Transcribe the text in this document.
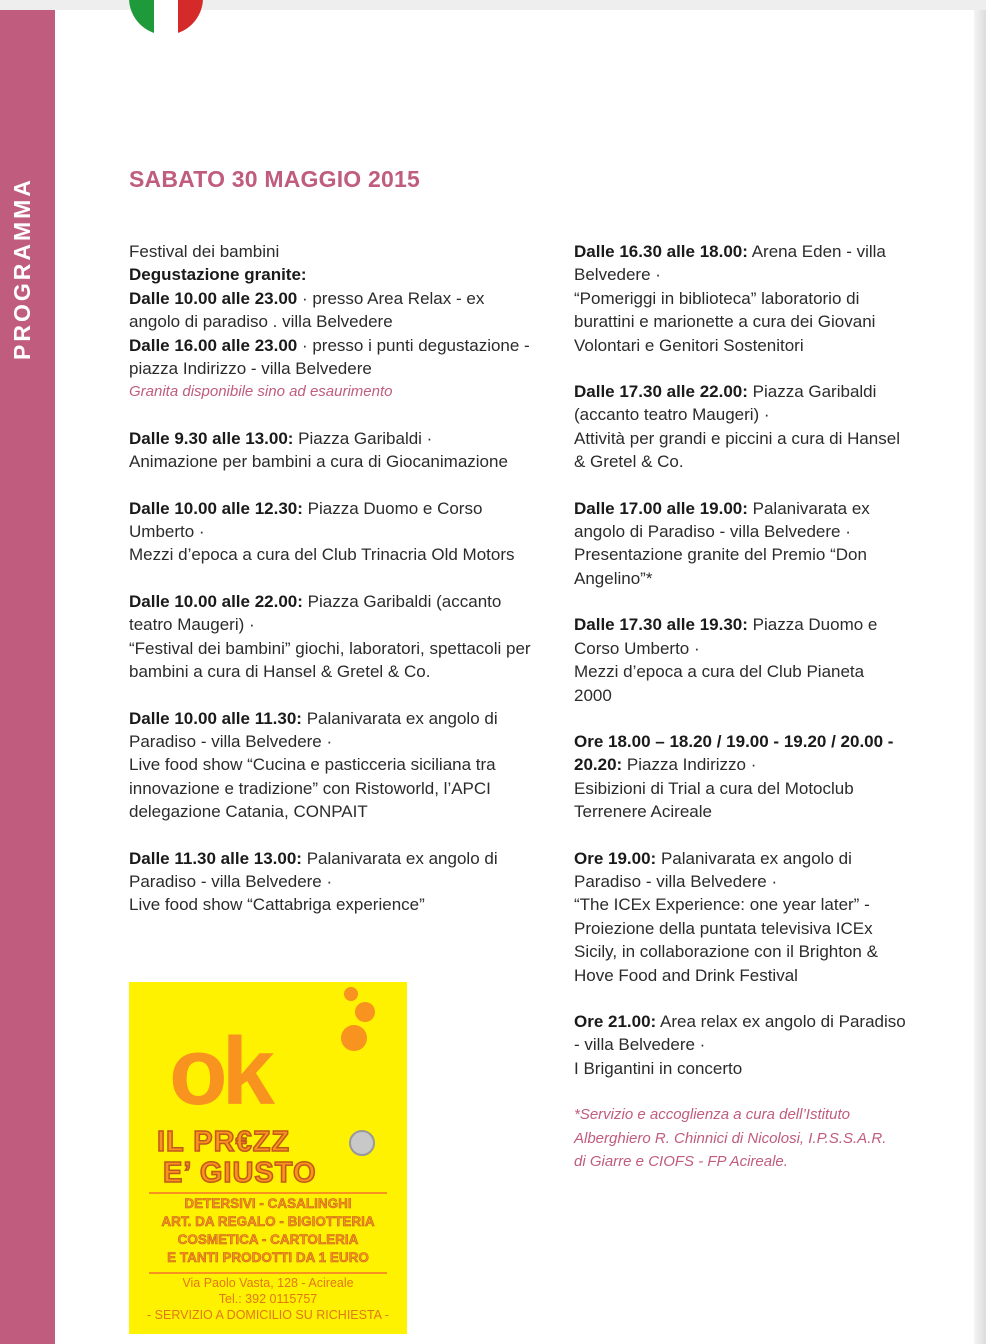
PROGRAMMA	SABATO 30 MAGGIO 2015
Festival dei bambini
Degustazione granite:
Dalle 10.00 alle 23.00 · presso Area Relax - ex
angolo di paradiso . villa Belvedere
Dalle 16.00 alle 23.00 · presso i punti degustazione -
piazza Indirizzo - villa Belvedere
Granita disponibile sino ad esaurimento
Dalle 9.30 alle 13.00: Piazza Garibaldi ·
Animazione per bambini a cura di Giocanimazione
Dalle 10.00 alle 12.30: Piazza Duomo e Corso
Umberto ·
Mezzi d’epoca a cura del Club Trinacria Old Motors
Dalle 10.00 alle 22.00: Piazza Garibaldi (accanto
teatro Maugeri) ·
“Festival dei bambini” giochi, laboratori, spettacoli per
bambini a cura di Hansel & Gretel & Co.
Dalle 10.00 alle 11.30: Palanivarata ex angolo di
Paradiso - villa Belvedere ·
Live food show “Cucina e pasticceria siciliana tra
innovazione e tradizione” con Ristoworld, l’APCI
delegazione Catania, CONPAIT
Dalle 11.30 alle 13.00: Palanivarata ex angolo di
Paradiso - villa Belvedere ·
Live food show “Cattabriga experience”
Dalle 16.30 alle 18.00: Arena Eden - villa
Belvedere ·
“Pomeriggi in biblioteca” laboratorio di
burattini e marionette a cura dei Giovani
Volontari e Genitori Sostenitori
Dalle 17.30 alle 22.00: Piazza Garibaldi
(accanto teatro Maugeri) ·
Attività per grandi e piccini a cura di Hansel
& Gretel & Co.
Dalle 17.00 alle 19.00: Palanivarata ex
angolo di Paradiso - villa Belvedere ·
Presentazione granite del Premio “Don
Angelino”*
Dalle 17.30 alle 19.30: Piazza Duomo e
Corso Umberto ·
Mezzi d’epoca a cura del Club Pianeta
2000
Ore 18.00 – 18.20 / 19.00 - 19.20 / 20.00 -
20.20: Piazza Indirizzo ·
Esibizioni di Trial a cura del Motoclub
Terrenere Acireale
Ore 19.00: Palanivarata ex angolo di
Paradiso - villa Belvedere ·
“The ICEx Experience: one year later” -
Proiezione della puntata televisiva ICEx
Sicily, in collaborazione con il Brighton &
Hove Food and Drink Festival
Ore 21.00: Area relax ex angolo di Paradiso
- villa Belvedere ·
I Brigantini in concerto
*Servizio e accoglienza a cura dell’Istituto
Alberghiero R. Chinnici di Nicolosi, I.P.S.S.A.R.
di Giarre e CIOFS - FP Acireale.
ok
IL PR€ZZ
E’ GIUSTO
DETERSIVI - CASALINGHI
ART. DA REGALO - BIGIOTTERIA
COSMETICA - CARTOLERIA
E TANTI PRODOTTI DA 1 EURO
Via Paolo Vasta, 128 - Acireale
Tel.: 392 0115757
- SERVIZIO A DOMICILIO SU RICHIESTA -
